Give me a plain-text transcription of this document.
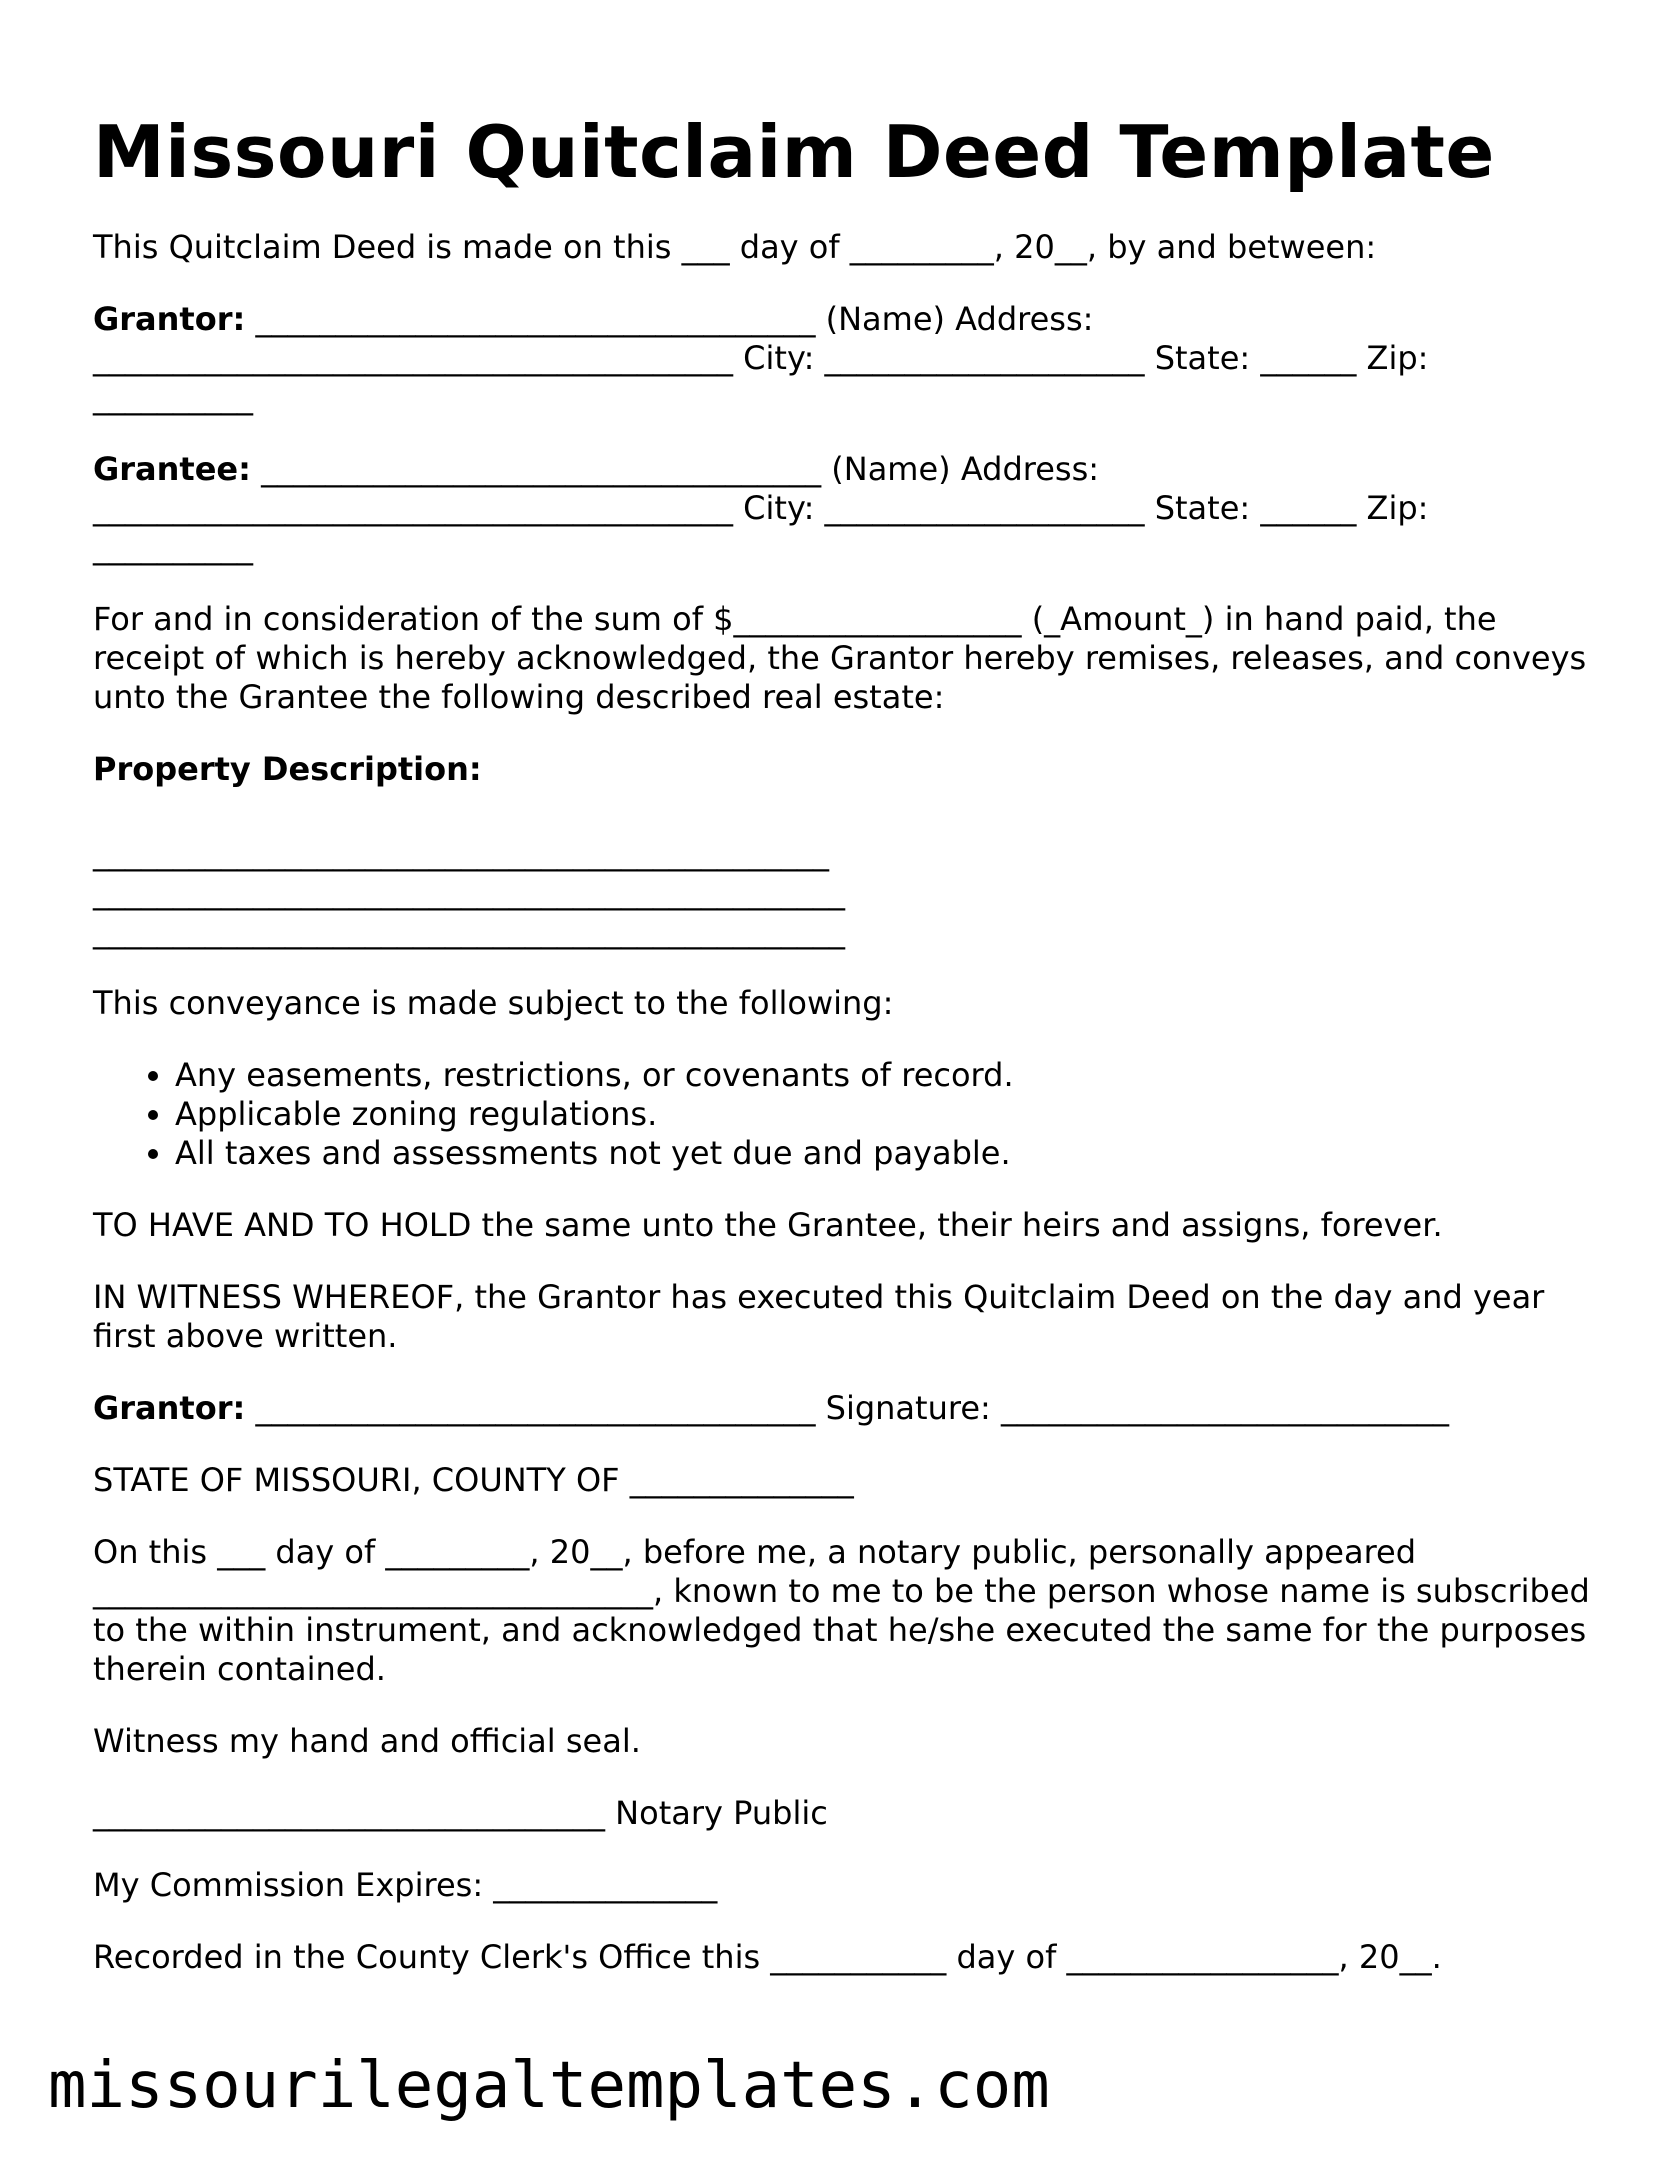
Missouri Quitclaim Deed Template

This Quitclaim Deed is made on this ___ day of _________, 20__, by and between:

Grantor: ___________________________________ (Name) Address: ________________________________________ City: ____________________ State: ______ Zip: __________

Grantee: ___________________________________ (Name) Address: ________________________________________ City: ____________________ State: ______ Zip: __________

For and in consideration of the sum of $__________________ (_Amount_) in hand paid, the receipt of which is hereby acknowledged, the Grantor hereby remises, releases, and conveys unto the Grantee the following described real estate:

Property Description:

______________________________________________
_______________________________________________
_______________________________________________

This conveyance is made subject to the following:

• Any easements, restrictions, or covenants of record.
• Applicable zoning regulations.
• All taxes and assessments not yet due and payable.

TO HAVE AND TO HOLD the same unto the Grantee, their heirs and assigns, forever.

IN WITNESS WHEREOF, the Grantor has executed this Quitclaim Deed on the day and year first above written.

Grantor: ___________________________________ Signature: ____________________________

STATE OF MISSOURI, COUNTY OF ______________

On this ___ day of _________, 20__, before me, a notary public, personally appeared ___________________________________, known to me to be the person whose name is subscribed to the within instrument, and acknowledged that he/she executed the same for the purposes therein contained.

Witness my hand and official seal.

________________________________ Notary Public

My Commission Expires: ______________

Recorded in the County Clerk's Office this ___________ day of _________________, 20__.

missourilegaltemplates.com
